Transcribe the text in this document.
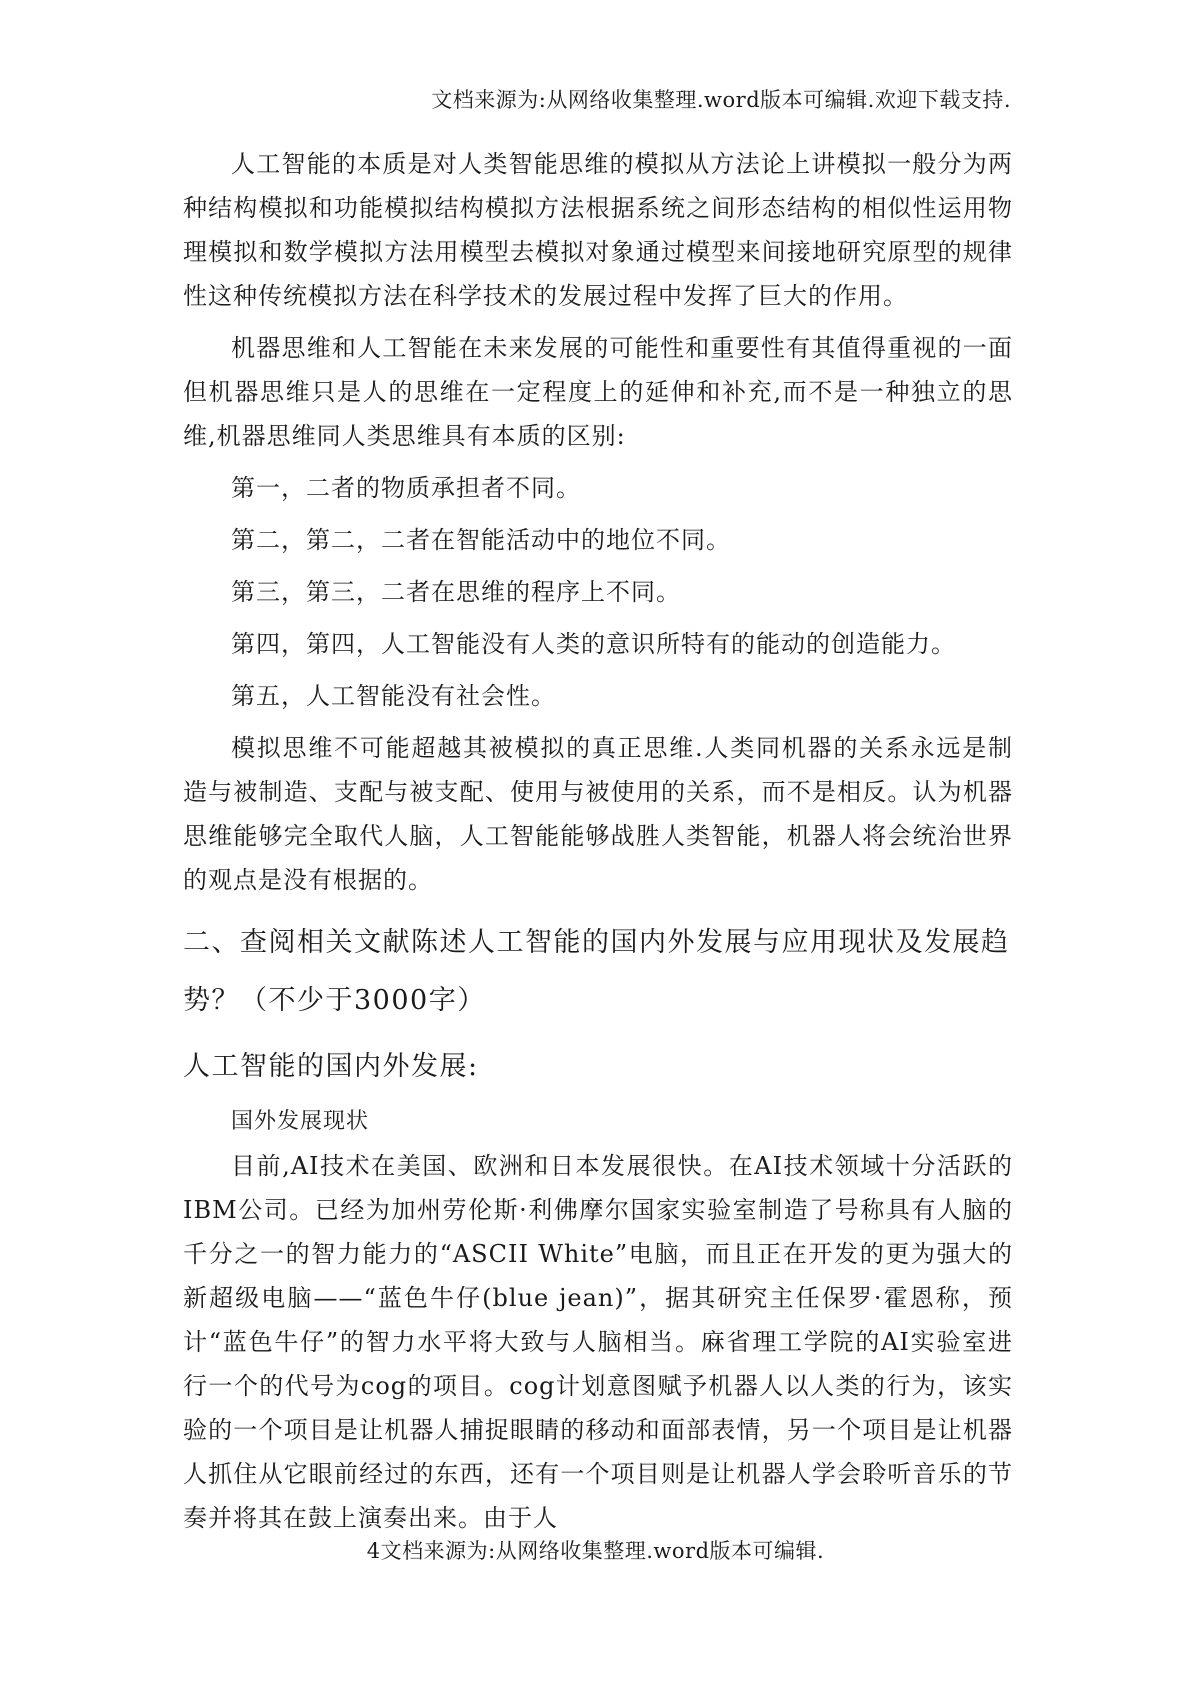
文档来源为:从网络收集整理.word版本可编辑.欢迎下载支持.

人工智能的本质是对人类智能思维的模拟从方法论上讲模拟一般分为两种结构模拟和功能模拟结构模拟方法根据系统之间形态结构的相似性运用物理模拟和数学模拟方法用模型去模拟对象通过模型来间接地研究原型的规律性这种传统模拟方法在科学技术的发展过程中发挥了巨大的作用。

机器思维和人工智能在未来发展的可能性和重要性有其值得重视的一面但机器思维只是人的思维在一定程度上的延伸和补充,而不是一种独立的思维,机器思维同人类思维具有本质的区别:

第一，二者的物质承担者不同。

第二，第二，二者在智能活动中的地位不同。

第三，第三，二者在思维的程序上不同。

第四，第四，人工智能没有人类的意识所特有的能动的创造能力。

第五，人工智能没有社会性。

模拟思维不可能超越其被模拟的真正思维.人类同机器的关系永远是制造与被制造、支配与被支配、使用与被使用的关系，而不是相反。认为机器思维能够完全取代人脑，人工智能能够战胜人类智能，机器人将会统治世界的观点是没有根据的。

二、查阅相关文献陈述人工智能的国内外发展与应用现状及发展趋

势？（不少于3000字）

人工智能的国内外发展:

国外发展现状

目前,AI技术在美国、欧洲和日本发展很快。在AI技术领域十分活跃的IBM公司。已经为加州劳伦斯·利佛摩尔国家实验室制造了号称具有人脑的千分之一的智力能力的“ASCII White”电脑，而且正在开发的更为强大的新超级电脑——“蓝色牛仔(blue jean)”，据其研究主任保罗·霍恩称，预计“蓝色牛仔”的智力水平将大致与人脑相当。麻省理工学院的AI实验室进行一个的代号为cog的项目。cog计划意图赋予机器人以人类的行为，该实验的一个项目是让机器人捕捉眼睛的移动和面部表情，另一个项目是让机器人抓住从它眼前经过的东西，还有一个项目则是让机器人学会聆听音乐的节奏并将其在鼓上演奏出来。由于人

4文档来源为:从网络收集整理.word版本可编辑.
